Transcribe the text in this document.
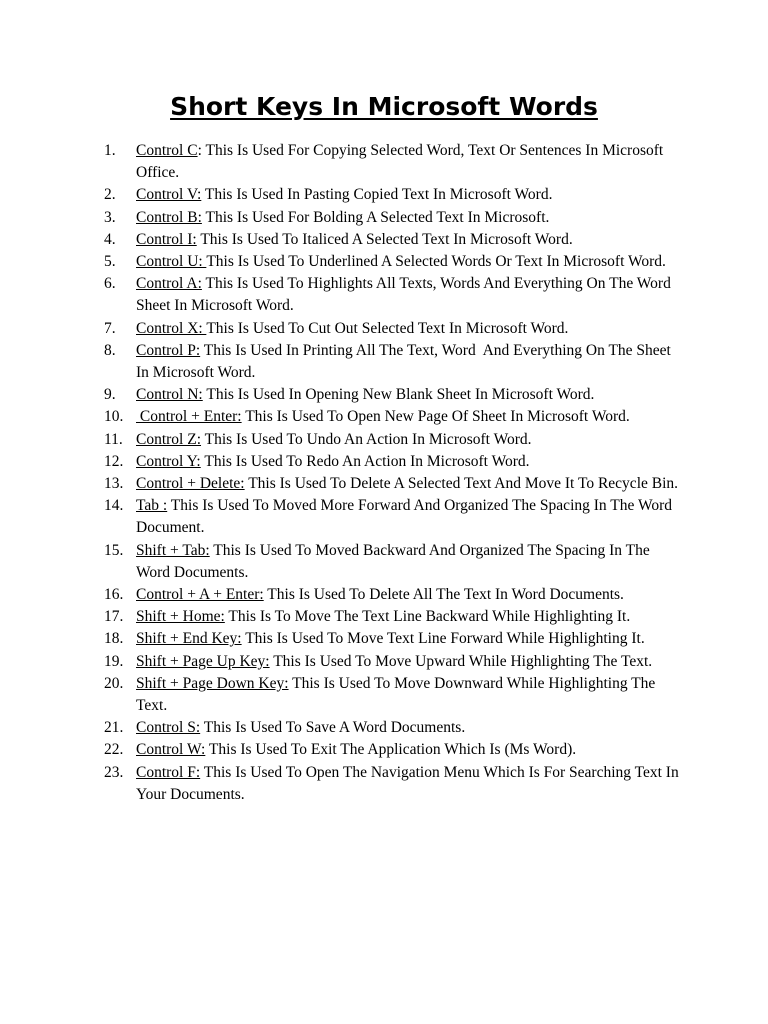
Short Keys In Microsoft Words
1.	Control C: This Is Used For Copying Selected Word, Text Or Sentences In Microsoft Office.
2.	Control V: This Is Used In Pasting Copied Text In Microsoft Word.
3.	Control B: This Is Used For Bolding A Selected Text In Microsoft.
4.	Control I: This Is Used To Italiced A Selected Text In Microsoft Word.
5.	Control U: This Is Used To Underlined A Selected Words Or Text In Microsoft Word.
6.	Control A: This Is Used To Highlights All Texts, Words And Everything On The Word Sheet In Microsoft Word.
7.	Control X: This Is Used To Cut Out Selected Text In Microsoft Word.
8.	Control P: This Is Used In Printing All The Text, Word  And Everything On The Sheet In Microsoft Word.
9.	Control N: This Is Used In Opening New Blank Sheet In Microsoft Word.
10. Control + Enter: This Is Used To Open New Page Of Sheet In Microsoft Word.
11. Control Z: This Is Used To Undo An Action In Microsoft Word.
12. Control Y: This Is Used To Redo An Action In Microsoft Word.
13. Control + Delete: This Is Used To Delete A Selected Text And Move It To Recycle Bin.
14. Tab : This Is Used To Moved More Forward And Organized The Spacing In The Word Document.
15. Shift + Tab: This Is Used To Moved Backward And Organized The Spacing In The Word Documents.
16. Control + A + Enter: This Is Used To Delete All The Text In Word Documents.
17. Shift + Home: This Is To Move The Text Line Backward While Highlighting It.
18. Shift + End Key: This Is Used To Move Text Line Forward While Highlighting It.
19. Shift + Page Up Key: This Is Used To Move Upward While Highlighting The Text.
20. Shift + Page Down Key: This Is Used To Move Downward While Highlighting The Text.
21. Control S: This Is Used To Save A Word Documents.
22. Control W: This Is Used To Exit The Application Which Is (Ms Word).
23. Control F: This Is Used To Open The Navigation Menu Which Is For Searching Text In Your Documents.
